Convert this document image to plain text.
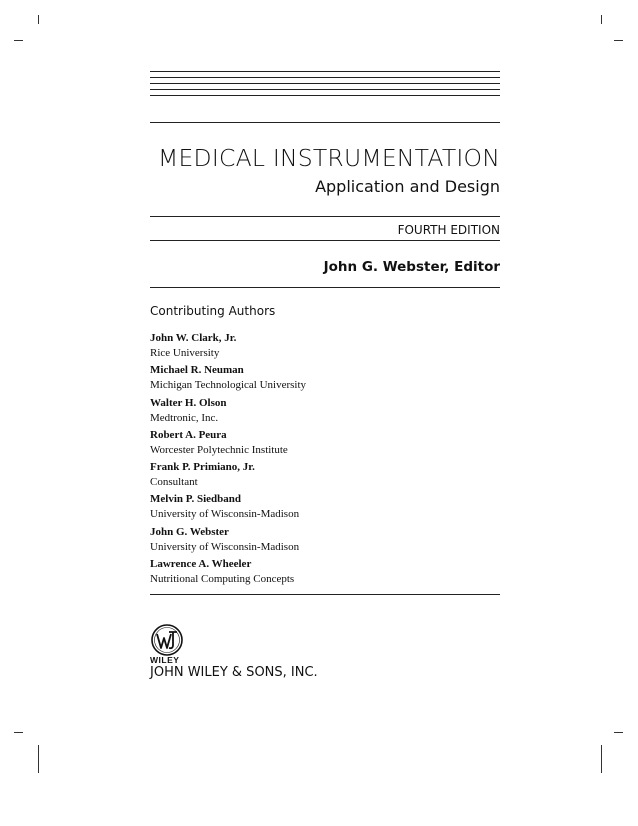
MEDICAL INSTRUMENTATION
Application and Design
FOURTH EDITION
John G. Webster, Editor
Contributing Authors
John W. Clark, Jr.
Rice University
Michael R. Neuman
Michigan Technological University
Walter H. Olson
Medtronic, Inc.
Robert A. Peura
Worcester Polytechnic Institute
Frank P. Primiano, Jr.
Consultant
Melvin P. Siedband
University of Wisconsin-Madison
John G. Webster
University of Wisconsin-Madison
Lawrence A. Wheeler
Nutritional Computing Concepts
WILEY
JOHN WILEY & SONS, INC.
